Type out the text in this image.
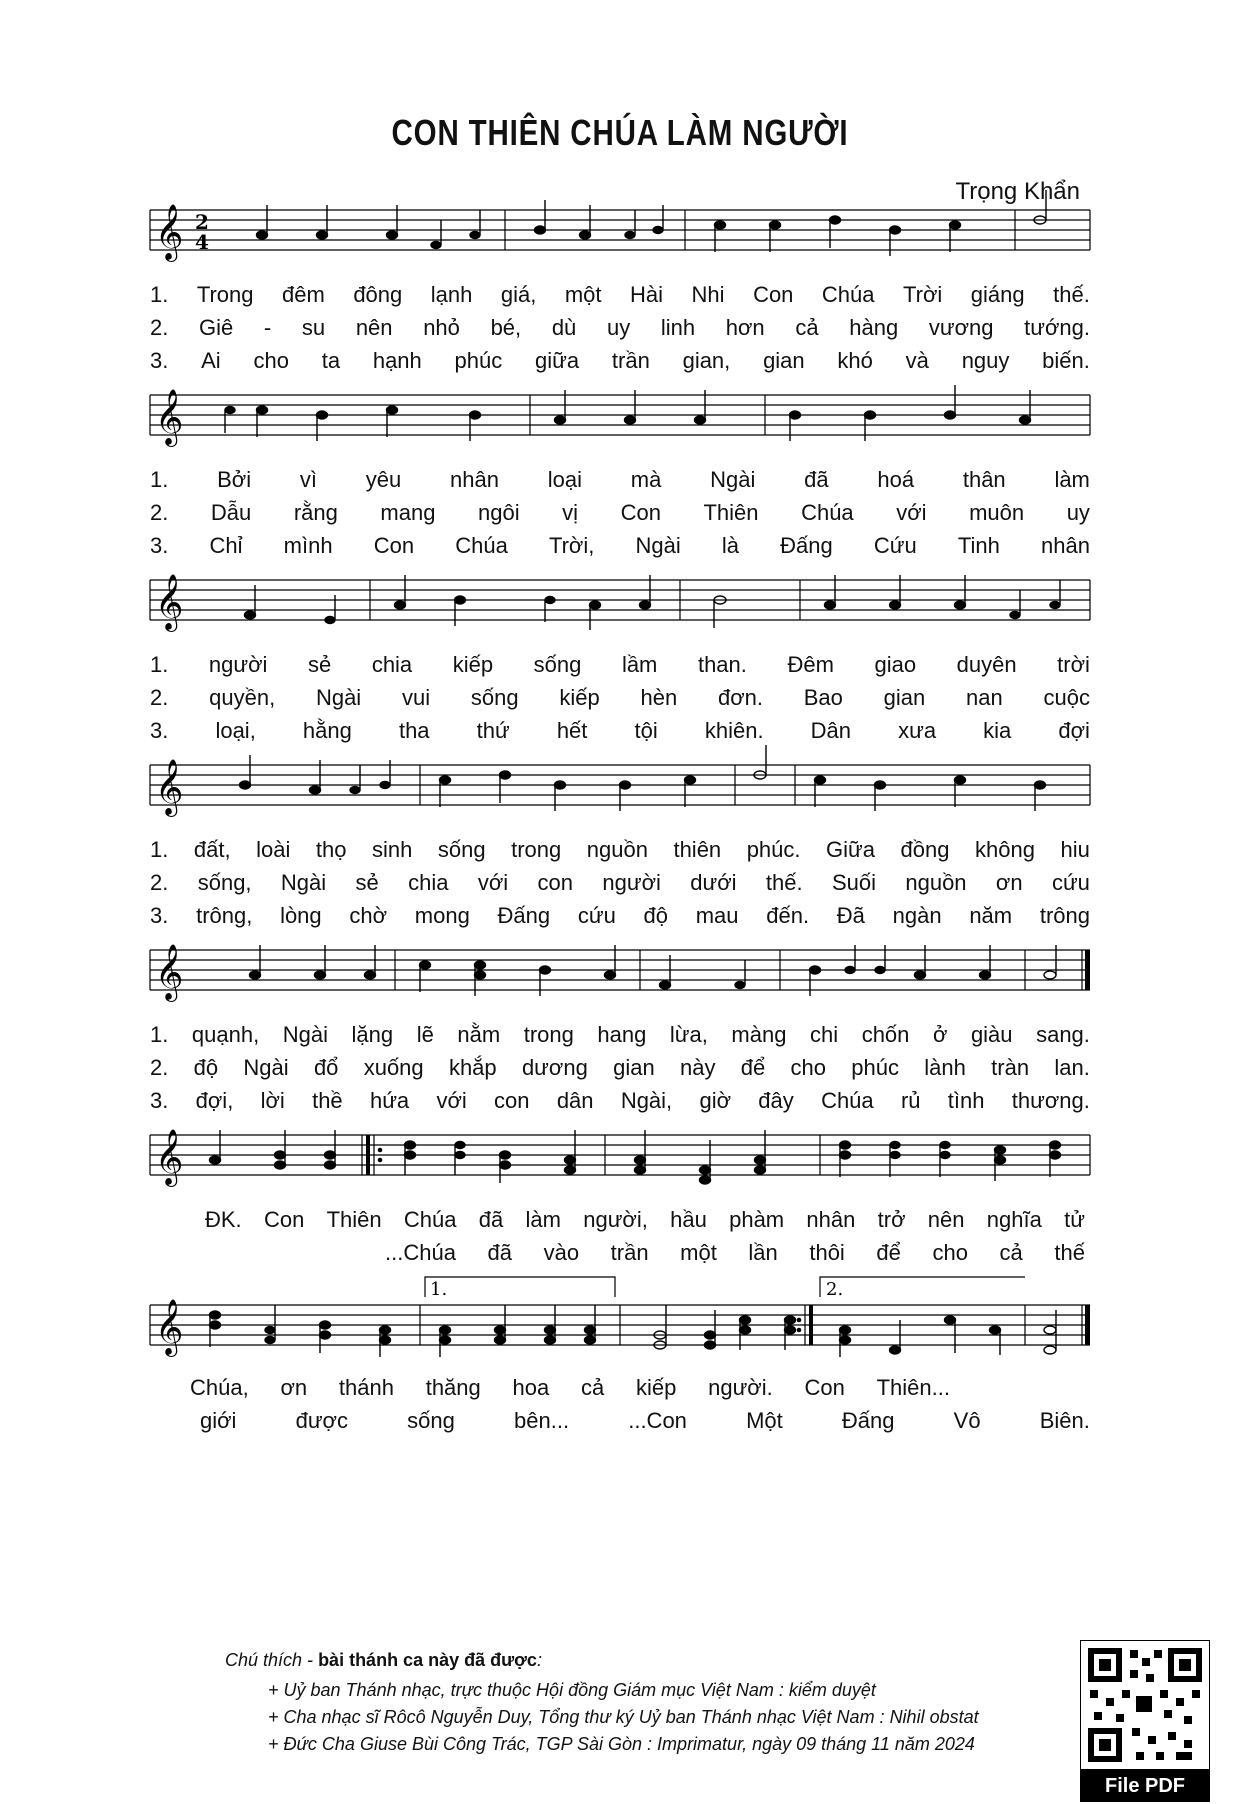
CON THIÊN CHÚA LÀM NGƯỜI
Trọng Khẩn
𝄞 2
4
1. Trong đêm đông lạnh giá, một Hài Nhi Con Chúa Trời giáng thế.
2. Giê - su nên nhỏ bé, dù uy linh hơn cả hàng vương tướng.
3. Ai cho ta hạnh phúc giữa trần gian, gian khó và nguy biến.
𝄞
1. Bởi vì yêu nhân loại mà Ngài đã hoá thân làm
2. Dẫu rằng mang ngôi vị Con Thiên Chúa với muôn uy
3. Chỉ mình Con Chúa Trời, Ngài là Đấng Cứu Tinh nhân
𝄞
1. người sẻ chia kiếp sống lầm than. Đêm giao duyên trời
2. quyền, Ngài vui sống kiếp hèn đơn. Bao gian nan cuộc
3. loại, hằng tha thứ hết tội khiên. Dân xưa kia đợi
𝄞
1. đất, loài thọ sinh sống trong nguồn thiên phúc. Giữa đồng không hiu
2. sống, Ngài sẻ chia với con người dưới thế. Suối nguồn ơn cứu
3. trông, lòng chờ mong Đấng cứu độ mau đến. Đã ngàn năm trông
𝄞
1. quạnh, Ngài lặng lẽ nằm trong hang lừa, màng chi chốn ở giàu sang.
2. độ Ngài đổ xuống khắp dương gian này để cho phúc lành tràn lan.
3. đợi, lời thề hứa với con dân Ngài, giờ đây Chúa rủ tình thương.
𝄞
ĐK. Con Thiên Chúa đã làm người, hầu phàm nhân trở nên nghĩa tử
...Chúa đã vào trần một lần thôi để cho cả thế
1.	2.
𝄞
Chúa, ơn thánh thăng hoa cả kiếp người. Con Thiên...
giới	được	sống	bên...	...Con	Một	Đấng	Vô	Biên.
Chú thích - bài thánh ca này đã được:
+ Uỷ ban Thánh nhạc, trực thuộc Hội đồng Giám mục Việt Nam : kiểm duyệt
+ Cha nhạc sĩ Rôcô Nguyễn Duy, Tổng thư ký Uỷ ban Thánh nhạc Việt Nam : Nihil obstat
+ Đức Cha Giuse Bùi Công Trác, TGP Sài Gòn : Imprimatur, ngày 09 tháng 11 năm 2024
File PDF
